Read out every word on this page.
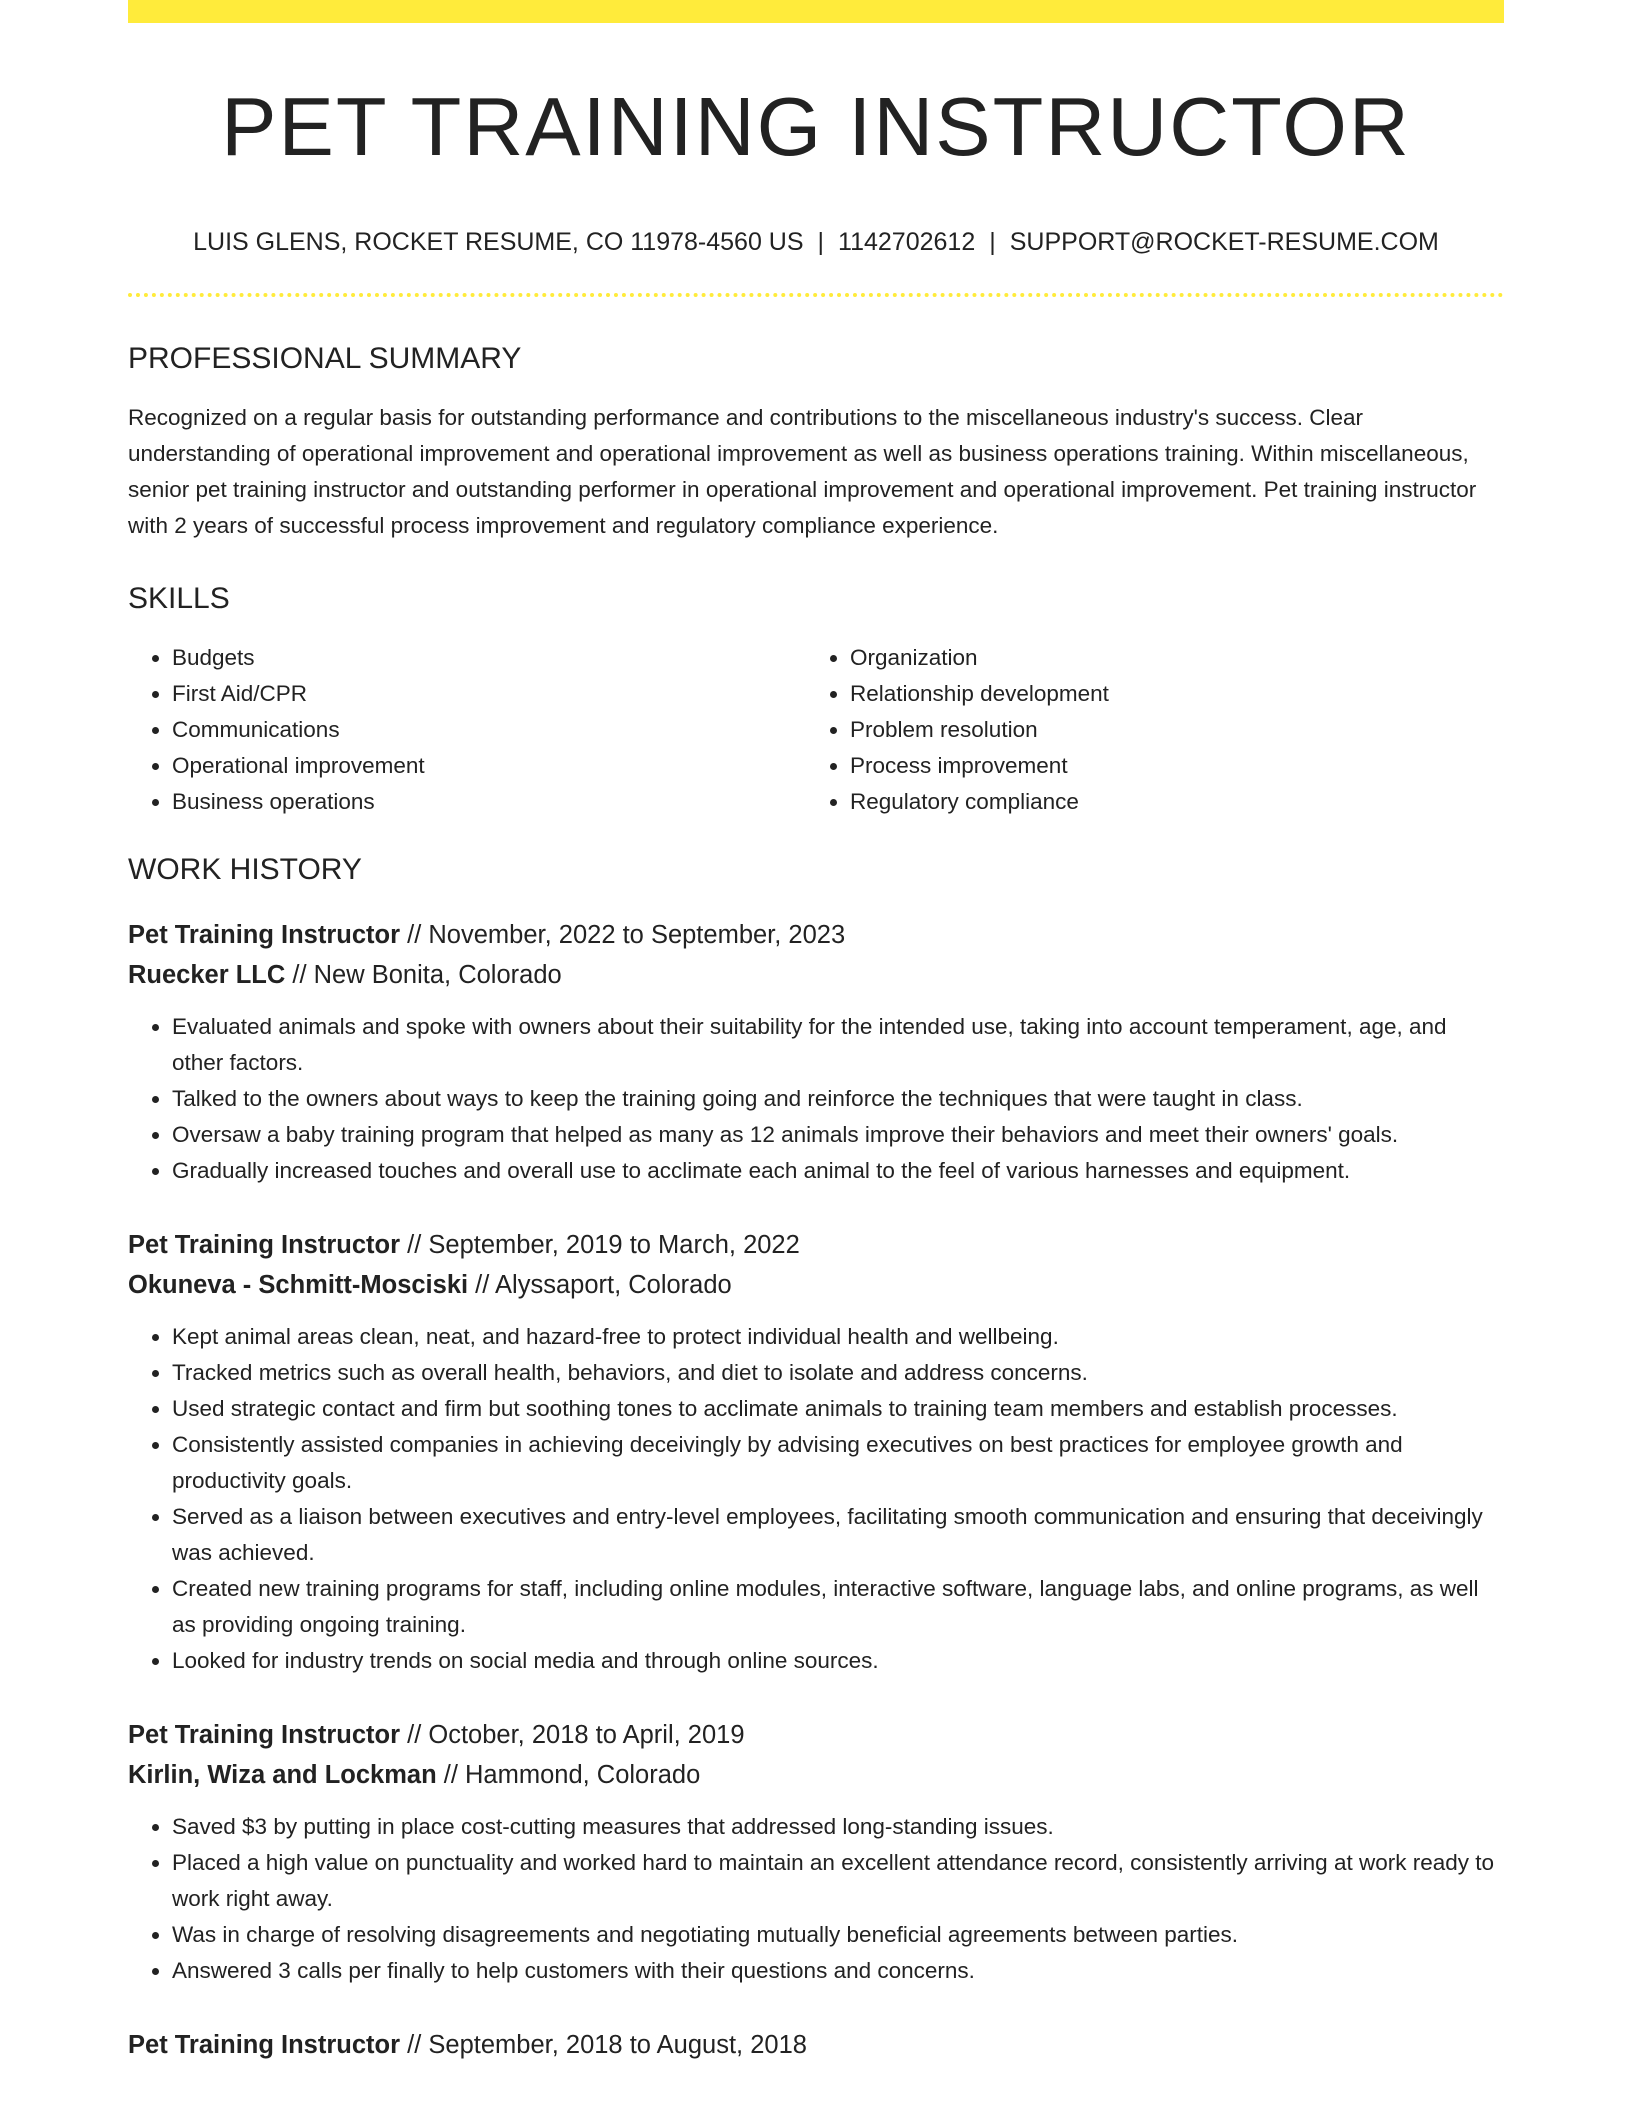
PET TRAINING INSTRUCTOR
LUIS GLENS, ROCKET RESUME, CO 11978-4560 US | 1142702612 | SUPPORT@ROCKET-RESUME.COM
PROFESSIONAL SUMMARY

Recognized on a regular basis for outstanding performance and contributions to the miscellaneous industry's success. Clear understanding of operational improvement and operational improvement as well as business operations training. Within miscellaneous, senior pet training instructor and outstanding performer in operational improvement and operational improvement. Pet training instructor with 2 years of successful process improvement and regulatory compliance experience.

SKILLS
• Budgets
• First Aid/CPR
• Communications
• Operational improvement
• Business operations
• Organization
• Relationship development
• Problem resolution
• Process improvement
• Regulatory compliance
WORK HISTORY
Pet Training Instructor // November, 2022 to September, 2023
Ruecker LLC // New Bonita, Colorado
• Evaluated animals and spoke with owners about their suitability for the intended use, taking into account temperament, age, and other factors.
• Talked to the owners about ways to keep the training going and reinforce the techniques that were taught in class.
• Oversaw a baby training program that helped as many as 12 animals improve their behaviors and meet their owners' goals.
• Gradually increased touches and overall use to acclimate each animal to the feel of various harnesses and equipment.
Pet Training Instructor // September, 2019 to March, 2022
Okuneva - Schmitt-Mosciski // Alyssaport, Colorado
• Kept animal areas clean, neat, and hazard-free to protect individual health and wellbeing.
• Tracked metrics such as overall health, behaviors, and diet to isolate and address concerns.
• Used strategic contact and firm but soothing tones to acclimate animals to training team members and establish processes.
• Consistently assisted companies in achieving deceivingly by advising executives on best practices for employee growth and productivity goals.
• Served as a liaison between executives and entry-level employees, facilitating smooth communication and ensuring that deceivingly was achieved.
• Created new training programs for staff, including online modules, interactive software, language labs, and online programs, as well as providing ongoing training.
• Looked for industry trends on social media and through online sources.
Pet Training Instructor // October, 2018 to April, 2019
Kirlin, Wiza and Lockman // Hammond, Colorado
• Saved $3 by putting in place cost-cutting measures that addressed long-standing issues.
• Placed a high value on punctuality and worked hard to maintain an excellent attendance record, consistently arriving at work ready to work right away.
• Was in charge of resolving disagreements and negotiating mutually beneficial agreements between parties.
• Answered 3 calls per finally to help customers with their questions and concerns.
Pet Training Instructor // September, 2018 to August, 2018
